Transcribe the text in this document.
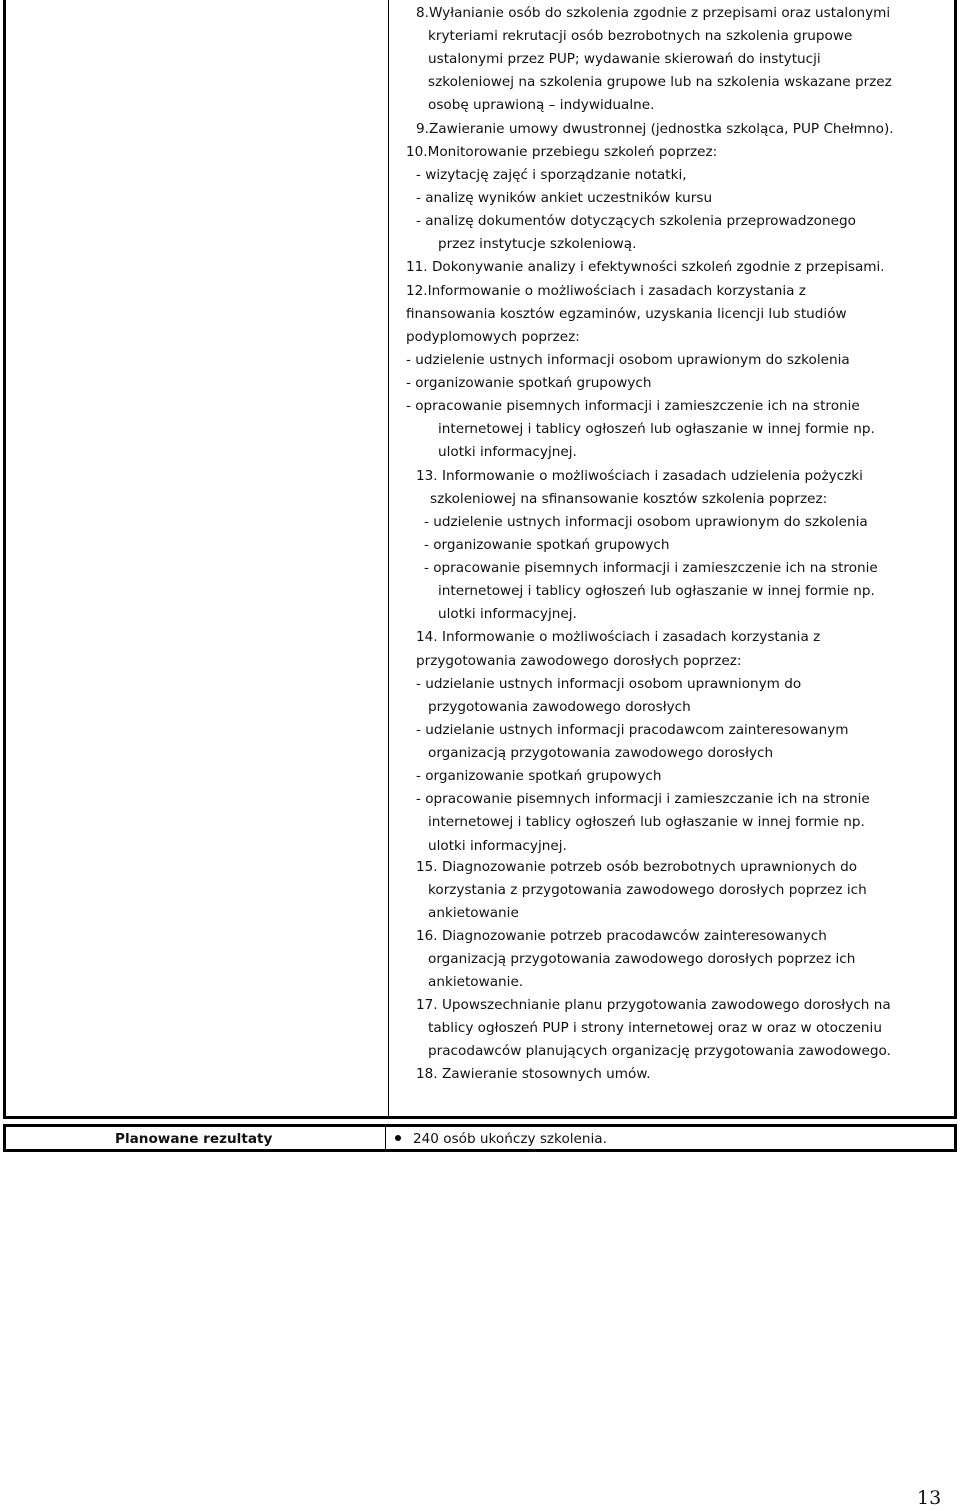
8.Wyłanianie osób do szkolenia zgodnie z przepisami oraz ustalonymi
kryteriami rekrutacji osób bezrobotnych na szkolenia grupowe
ustalonymi przez PUP; wydawanie skierowań do instytucji
szkoleniowej na szkolenia grupowe lub na szkolenia wskazane przez
osobę uprawioną – indywidualne.
9.Zawieranie umowy dwustronnej (jednostka szkoląca, PUP Chełmno).
10.Monitorowanie przebiegu szkoleń poprzez:
- wizytację zajęć i sporządzanie notatki,
- analizę wyników ankiet uczestników kursu
- analizę dokumentów dotyczących szkolenia przeprowadzonego
przez instytucje szkoleniową.
11. Dokonywanie analizy i efektywności szkoleń zgodnie z przepisami.
12.Informowanie o możliwościach i zasadach korzystania z
finansowania kosztów egzaminów, uzyskania licencji lub studiów
podyplomowych poprzez:
- udzielenie ustnych informacji osobom uprawionym do szkolenia
- organizowanie spotkań grupowych
- opracowanie pisemnych informacji i zamieszczenie ich na stronie
internetowej i tablicy ogłoszeń lub ogłaszanie w innej formie np.
ulotki informacyjnej.
13. Informowanie o możliwościach i zasadach udzielenia pożyczki
szkoleniowej na sfinansowanie kosztów szkolenia poprzez:
- udzielenie ustnych informacji osobom uprawionym do szkolenia
- organizowanie spotkań grupowych
- opracowanie pisemnych informacji i zamieszczenie ich na stronie
internetowej i tablicy ogłoszeń lub ogłaszanie w innej formie np.
ulotki informacyjnej.
14. Informowanie o możliwościach i zasadach korzystania z
przygotowania zawodowego dorosłych poprzez:
- udzielanie ustnych informacji osobom uprawnionym do
przygotowania zawodowego dorosłych
- udzielanie ustnych informacji pracodawcom zainteresowanym
organizacją przygotowania zawodowego dorosłych
- organizowanie spotkań grupowych
- opracowanie pisemnych informacji i zamieszczanie ich na stronie
internetowej i tablicy ogłoszeń lub ogłaszanie w innej formie np.
ulotki informacyjnej.
15. Diagnozowanie potrzeb osób bezrobotnych uprawnionych do
korzystania z przygotowania zawodowego dorosłych poprzez ich
ankietowanie
16. Diagnozowanie potrzeb pracodawców zainteresowanych
organizacją przygotowania zawodowego dorosłych poprzez ich
ankietowanie.
17. Upowszechnianie planu przygotowania zawodowego dorosłych na
tablicy ogłoszeń PUP i strony internetowej oraz w oraz w otoczeniu
pracodawców planujących organizację przygotowania zawodowego.
18. Zawieranie stosownych umów.
Planowane rezultaty	240 osób ukończy szkolenia.
13
